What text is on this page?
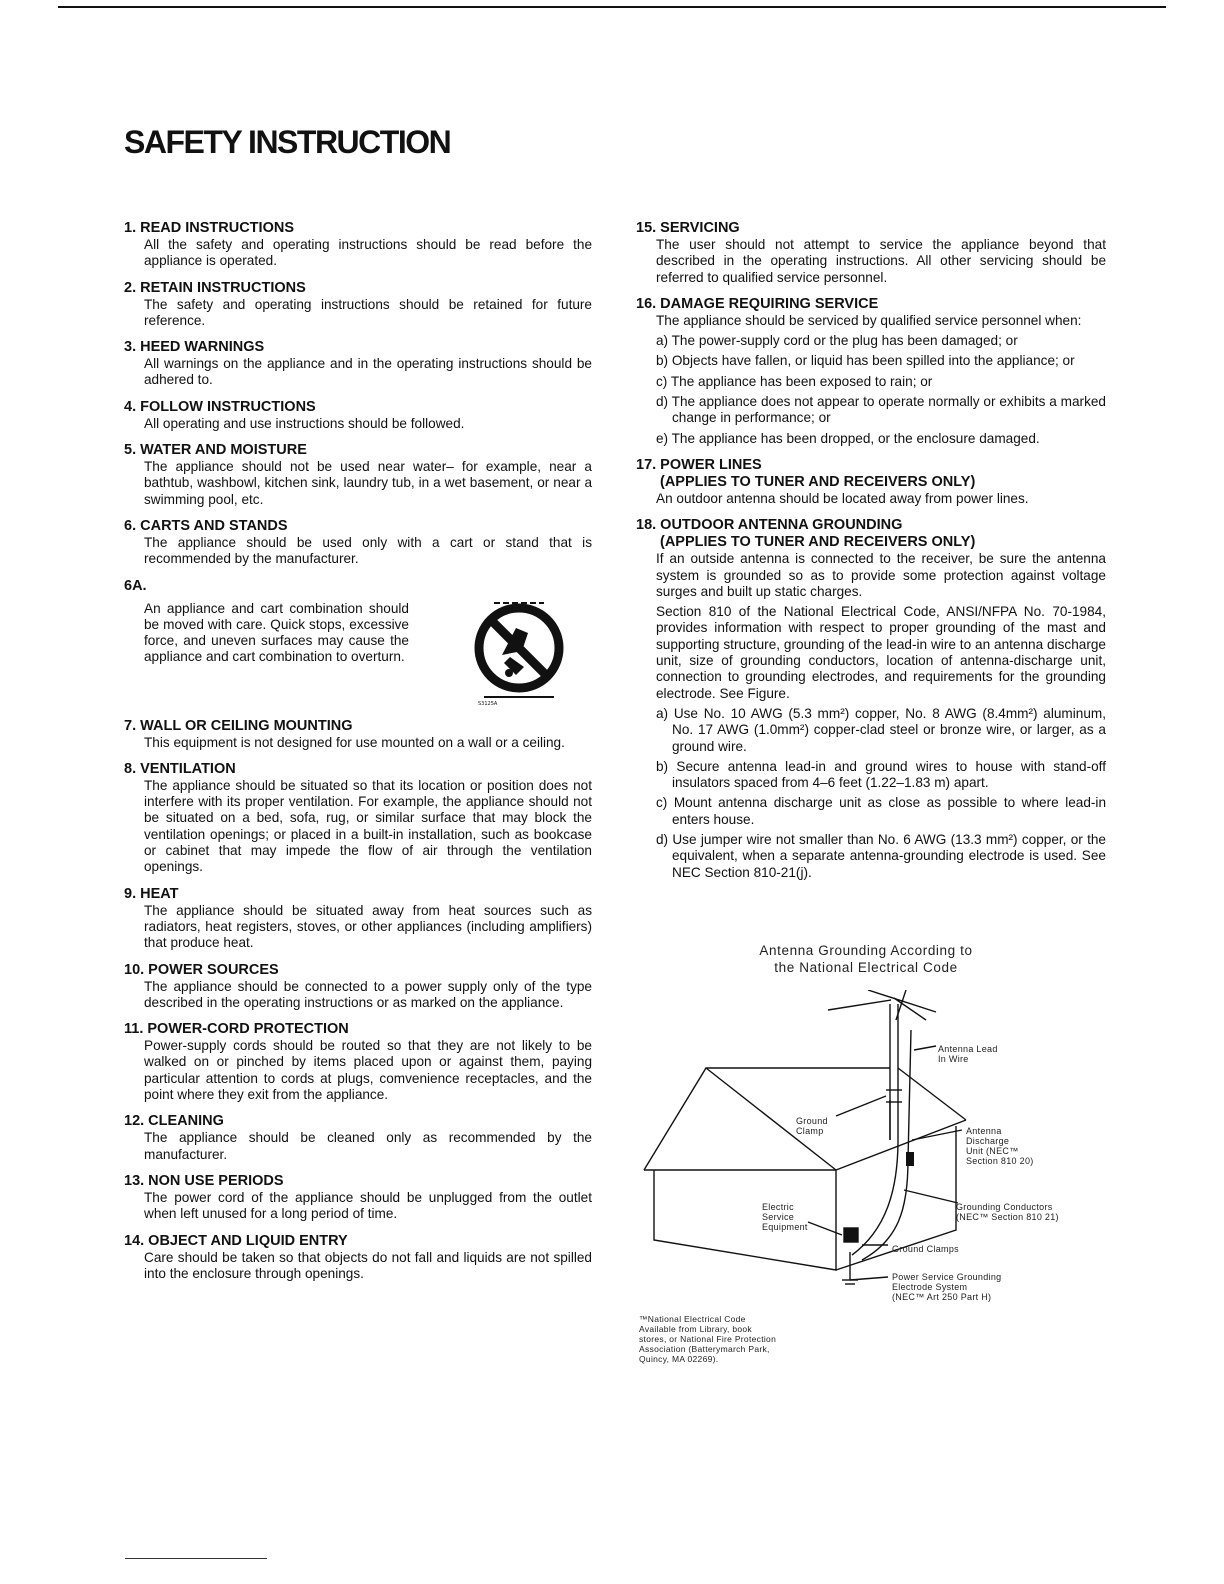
SAFETY INSTRUCTION
1. READ INSTRUCTIONS
All the safety and operating instructions should be read before the appliance is operated.
2. RETAIN INSTRUCTIONS
The safety and operating instructions should be retained for future reference.
3. HEED WARNINGS
All warnings on the appliance and in the operating instructions should be adhered to.
4. FOLLOW INSTRUCTIONS
All operating and use instructions should be followed.
5. WATER AND MOISTURE
The appliance should not be used near water– for example, near a bathtub, washbowl, kitchen sink, laundry tub, in a wet basement, or near a swimming pool, etc.
6. CARTS AND STANDS
The appliance should be used only with a cart or stand that is recommended by the manufacturer.
6A.
An appliance and cart combination should be moved with care. Quick stops, excessive force, and uneven surfaces may cause the appliance and cart combination to overturn.
S3125A
7. WALL OR CEILING MOUNTING
This equipment is not designed for use mounted on a wall or a ceiling.
8. VENTILATION
The appliance should be situated so that its location or position does not interfere with its proper ventilation. For example, the appliance should not be situated on a bed, sofa, rug, or similar surface that may block the ventilation openings; or placed in a built-in installation, such as bookcase or cabinet that may impede the flow of air through the ventilation openings.
9. HEAT
The appliance should be situated away from heat sources such as radiators, heat registers, stoves, or other appliances (including amplifiers) that produce heat.
10. POWER SOURCES
The appliance should be connected to a power supply only of the type described in the operating instructions or as marked on the appliance.
11. POWER-CORD PROTECTION
Power-supply cords should be routed so that they are not likely to be walked on or pinched by items placed upon or against them, paying particular attention to cords at plugs, comvenience receptacles, and the point where they exit from the appliance.
12. CLEANING
The appliance should be cleaned only as recommended by the manufacturer.
13. NON USE PERIODS
The power cord of the appliance should be unplugged from the outlet when left unused for a long period of time.
14. OBJECT AND LIQUID ENTRY
Care should be taken so that objects do not fall and liquids are not spilled into the enclosure through openings.
15. SERVICING
The user should not attempt to service the appliance beyond that described in the operating instructions. All other servicing should be referred to qualified service personnel.
16. DAMAGE REQUIRING SERVICE
The appliance should be serviced by qualified service personnel when:
a) The power-supply cord or the plug has been damaged; or
b) Objects have fallen, or liquid has been spilled into the appliance; or
c) The appliance has been exposed to rain; or
d) The appliance does not appear to operate normally or exhibits a marked change in performance; or
e) The appliance has been dropped, or the enclosure damaged.
17. POWER LINES
(APPLIES TO TUNER AND RECEIVERS ONLY)
An outdoor antenna should be located away from power lines.
18. OUTDOOR ANTENNA GROUNDING
(APPLIES TO TUNER AND RECEIVERS ONLY)
If an outside antenna is connected to the receiver, be sure the antenna system is grounded so as to provide some protection against voltage surges and built up static charges.
Section 810 of the National Electrical Code, ANSI/NFPA No. 70-1984, provides information with respect to proper grounding of the mast and supporting structure, grounding of the lead-in wire to an antenna discharge unit, size of grounding conductors, location of antenna-discharge unit, connection to grounding electrodes, and requirements for the grounding electrode. See Figure.
a) Use No. 10 AWG (5.3 mm²) copper, No. 8 AWG (8.4mm²) aluminum, No. 17 AWG (1.0mm²) copper-clad steel or bronze wire, or larger, as a ground wire.
b) Secure antenna lead-in and ground wires to house with stand-off insulators spaced from 4–6 feet (1.22–1.83 m) apart.
c) Mount antenna discharge unit as close as possible to where lead-in enters house.
d) Use jumper wire not smaller than No. 6 AWG (13.3 mm²) copper, or the equivalent, when a separate antenna-grounding electrode is used. See NEC Section 810-21(j).
Antenna Grounding According to
the National Electrical Code
Antenna Lead
In Wire
Ground
Clamp	Antenna
Discharge
Unit (NEC™
Section 810 20)
Electric
Service
Equipment
Grounding Conductors
(NEC™ Section 810 21)
Ground Clamps
Power Service Grounding
Electrode System
(NEC™ Art 250 Part H)
™National Electrical Code
Available from Library, book
stores, or National Fire Protection
Association (Batterymarch Park,
Quincy, MA 02269).
